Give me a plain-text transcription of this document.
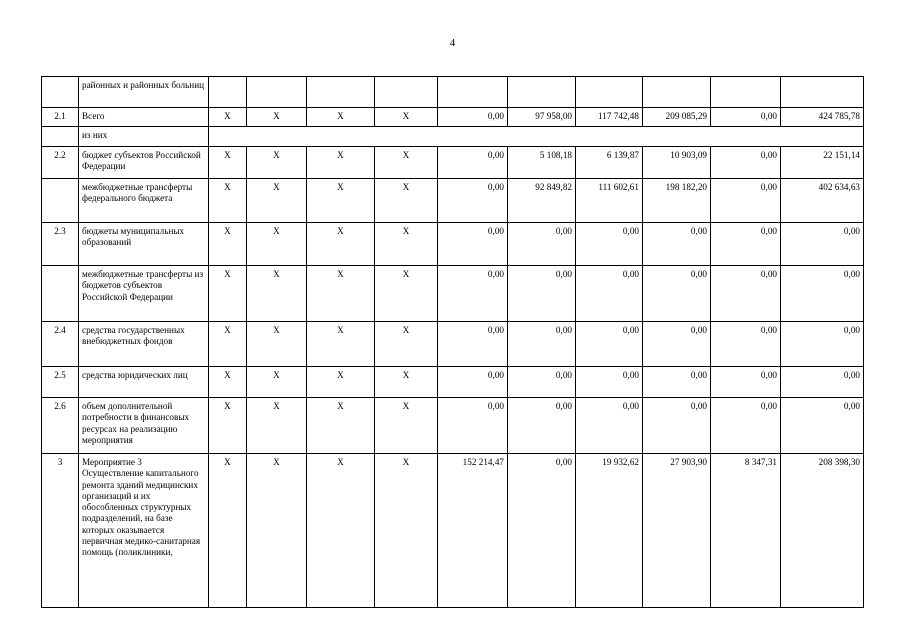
4
	районных и районных больниц										
2.1	Всего	X	X	X	X	0,00	97 958,00	117 742,48	209 085,29	0,00	424 785,78
	из них										
2.2	бюджет субъектов Российской Федерации	X	X	X	X	0,00	5 108,18	6 139,87	10 903,09	0,00	22 151,14
	межбюджетные трансферты федерального бюджета	X	X	X	X	0,00	92 849,82	111 602,61	198 182,20	0,00	402 634,63
2.3	бюджеты муниципальных образований	X	X	X	X	0,00	0,00	0,00	0,00	0,00	0,00
	межбюджетные трансферты из бюджетов субъектов Российской Федерации	X	X	X	X	0,00	0,00	0,00	0,00	0,00	0,00
2.4	средства государственных внебюджетных фондов	X	X	X	X	0,00	0,00	0,00	0,00	0,00	0,00
2.5	средства юридических лиц	X	X	X	X	0,00	0,00	0,00	0,00	0,00	0,00
2.6	объем дополнительной потребности в финансовых ресурсах на реализацию мероприятия	X	X	X	X	0,00	0,00	0,00	0,00	0,00	0,00
3	Мероприятие 3 Осуществление капитального ремонта зданий медицинских организаций и их обособленных структурных подразделений, на базе которых оказывается первичная медико-санитарная помощь (поликлиники,	X	X	X	X	152 214,47	0,00	19 932,62	27 903,90	8 347,31	208 398,30
